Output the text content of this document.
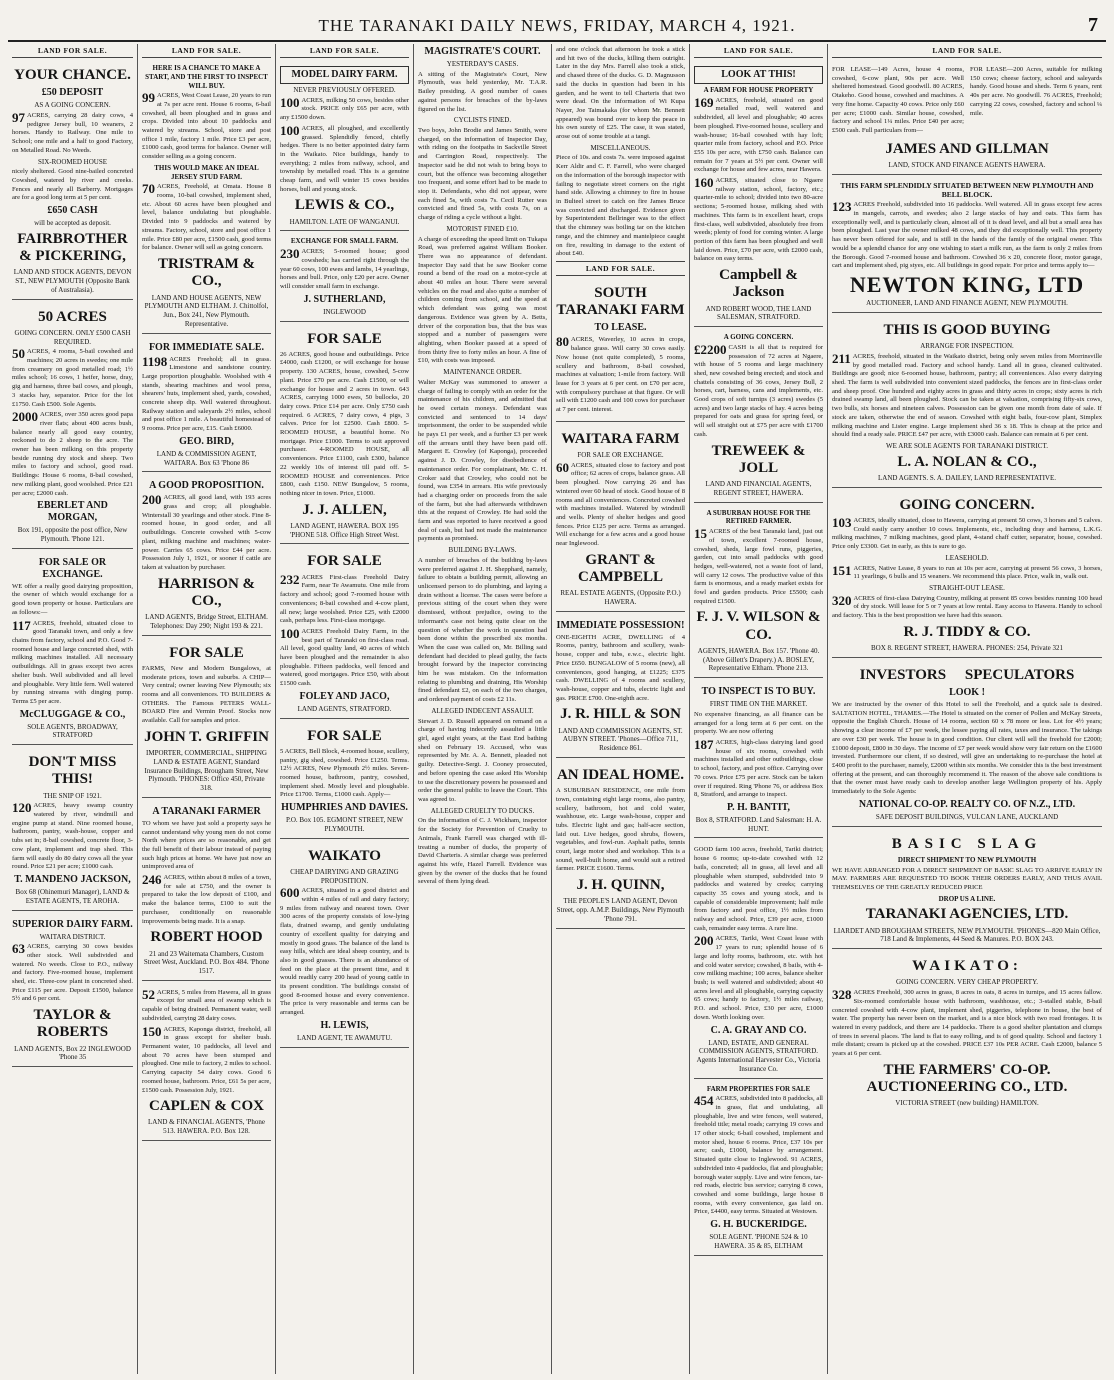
THE TARANAKI DAILY NEWS, FRIDAY, MARCH 4, 1921.	7
LAND FOR SALE.
YOUR CHANCE.
£50 DEPOSIT
AS A GOING CONCERN.
97 ACRES, carrying 28 dairy cows, 4 pedigree Jersey bull, 10 weaners, 2 horses. Handy to Railway. One mile to School; one mile and a half to good Factory, on Metalled Road. No Weeds.
SIX-ROOMED HOUSE
nicely sheltered. Good nine-bailed concreted Cowshed, watered by river and creeks. Fences and nearly all Barberry. Mortgages are for a good long term at 5 per cent.
£650 CASH
will be accepted as deposit.
FAIRBROTHER & PICKERING,
LAND AND STOCK AGENTS, DEVON ST., NEW PLYMOUTH (Opposite Bank of Australasia).
50 ACRES
GOING CONCERN. ONLY £500 CASH REQUIRED.
50 ACRES, 4 rooms, 5-bail cowshed and machines; 20 acres in swedes; one mile from creamery on good metalled road; 1½ miles school; 16 cows, 1 heifer, horse, dray, gig and harness, three bail cows, and plough, 3 stacks hay, separator. Price for the lot £1750. Cash £500. Sole Agents.
2000 ACRES, over 350 acres good papa river flats; about 400 acres bush, balance nearly all good easy country, reckoned to do 2 sheep to the acre. The owner has been milking on this property beside running dry stock and sheep. Two miles to factory and school, good road. Buildings: House 6 rooms, 8-bail cowshed, new milking plant, good woolshed. Price £21 per acre; £2000 cash.
EBERLET AND MORGAN,
Box 191, opposite the post office, New Plymouth. 'Phone 121.
FOR SALE OR EXCHANGE.
WE offer a really good dairying proposition, the owner of which would exchange for a good town property or house. Particulars are as follows:—
117 ACRES, freehold, situated close to good Taranaki town, and only a few chains from factory, school and P.O. Good 7-roomed house and large concreted shed, with milking machines installed. All necessary outbuildings. All in grass except two acres shelter bush. Well subdivided and all level and ploughable. Very little fern. Well watered by running streams with dinging pump. Terms £5 per acre.
McCLUGGAGE & CO.,
SOLE AGENTS, BROADWAY, STRATFORD
DON'T MISS THIS!
THE SNIP OF 1921.
120 ACRES, heavy swamp country watered by river, windmill and engine pump at stand. Nine roomed house, bathroom, pantry, wash-house, copper and tubs set in; 8-bail cowshed, concrete floor, 3-cow plant, implement and trap shed. This farm will easily do 80 dairy cows all the year round. Price £21 per acre; £1000 cash.
T. MANDENO JACKSON,
Box 68 (Ohinemuri Manager), LAND & ESTATE AGENTS, TE AROHA.
SUPERIOR DAIRY FARM.
WAITARA DISTRICT.
63 ACRES, carrying 30 cows besides other stock. Well subdivided and watered. No weeds. Close to P.O., railway and factory. Five-roomed house, implement shed, etc. Three-cow plant in concreted shed. Price £115 per acre. Deposit £1500, balance 5½ and 6 per cent.
TAYLOR & ROBERTS
LAND AGENTS, Box 22 INGLEWOOD 'Phone 35
LAND FOR SALE.
HERE IS A CHANCE TO MAKE A START, AND THE FIRST TO INSPECT WILL BUY.
99 ACRES, West Coast Lease, 20 years to run at 7s per acre rent. House 6 rooms, 6-bail cowshed, all been ploughed and in grass and crops. Divided into about 10 paddocks and watered by streams. School, store and post office 1 mile, factory 1 mile. Price £3 per acre, £1000 cash, good terms for balance. Owner will consider selling as a going concern.
THIS WOULD MAKE AN IDEAL JERSEY STUD FARM.
70 ACRES, Freehold, at Omata. House 8 rooms, 10-bail cowshed, implement shed, etc. About 60 acres have been ploughed and level, balance undulating but ploughable. Divided into 9 paddocks and watered by streams. Factory, school, store and post office 1 mile. Price £80 per acre, £1500 cash, good terms for balance. Owner will sell as going concern.
TRISTRAM & CO.,
LAND AND HOUSE AGENTS, NEW PLYMOUTH AND ELTHAM. J. Chittolfol, Jun., Box 241, New Plymouth. Representative.
FOR IMMEDIATE SALE.
1198 ACRES Freehold; all in grass. Limestone and sandstone country. Large proportion ploughable. Woolshed with 4 stands, shearing machines and wool press, shearers' huts, implement shed, yards, cowshed, concrete sheep dip. Well watered throughout. Railway station and saleyards 2½ miles, school and post office 1 mile. A beautiful homestead of 9 rooms. Price per acre, £15. Cash £6000.
GEO. BIRD,
LAND & COMMISSION AGENT, WAITARA. Box 63 'Phone 86
A GOOD PROPOSITION.
200 ACRES, all good land, with 193 acres grass and crop; all ploughable. Winterstall 30 yearlings and other stock. Fine 8-roomed house, in good order, and all outbuildings. Concrete cowshed with 5-cow plant, milking machine and machines; water-power. Carries 65 cows. Price £44 per acre. Possession July 1, 1921, or sooner if cattle are taken at valuation by purchaser.
HARRISON & CO.,
LAND AGENTS, Bridge Street, ELTHAM. Telephones: Day 290; Night 193 & 221.
FOR SALE
FARMS, New and Modern Bungalows, at moderate prices, town and suburbs. A CHIP—Very central; owner leaving New Plymouth; six rooms and all conveniences. TO BUILDERS & OTHERS. The Famous PETERS WALL-BOARD Fire and Vermin Proof. Stocks now available. Call for samples and price.
JOHN T. GRIFFIN
IMPORTER, COMMERCIAL, SHIPPING LAND & ESTATE AGENT, Standard Insurance Buildings, Brougham Street, New Plymouth. 'PHONES: Office 450, Private 318.
A TARANAKI FARMER
TO whom we have just sold a property says he cannot understand why young men do not come North where prices are so reasonable, and get the full benefit of their labour instead of paying such high prices at home. We have just now an unimproved area of
246 ACRES, within about 8 miles of a town, for sale at £750, and the owner is prepared to take the low deposit of £100, and make the balance terms, £100 to suit the purchaser, conditionally on reasonable improvements being made. It is a snap.
ROBERT HOOD
21 and 23 Waitemata Chambers, Custom Street West, Auckland. P.O. Box 484. 'Phone 1517.
52 ACRES, 5 miles from Hawera, all in grass except for small area of swamp which is capable of being drained. Permanent water, well subdivided, carrying 28 dairy cows.
150 ACRES, Kaponga district, freehold, all in grass except for shelter bush. Permanent water, 10 paddocks, all level and about 70 acres have been stumped and ploughed. One mile to factory, 2 miles to school. Carrying capacity 54 dairy cows. Good 6 roomed house, bathroom. Price, £61 5s per acre, £1500 cash. Possession July, 1921.
CAPLEN & COX
LAND & FINANCIAL AGENTS, 'Phone 513. HAWERA. P.O. Box 128.
LAND FOR SALE.
MODEL DAIRY FARM.
NEVER PREVIOUSLY OFFERED.
100 ACRES, milking 50 cows, besides other stock. PRICE only £65 per acre, with any £1500 down.
100 ACRES, all ploughed, and excellently grassed. Splendidly fenced, chiefly hedges. There is no better appointed dairy farm in the Waikato. Nice buildings, handy to everything; 2 miles from railway, school, and township by metalled road. This is a genuine cheap farm, and will winter 15 cows besides horses, bull and young stock.
LEWIS & CO.,
HAMILTON. LATE OF WANGANUI.
EXCHANGE FOR SMALL FARM.
230 ACRES; 5-roomed house; good cowsheds; has carried right through the year 60 cows, 100 ewes and lambs, 14 yearlings, horses and bull. Price, only £20 per acre. Owner will consider small farm in exchange.
J. SUTHERLAND,
INGLEWOOD
FOR SALE
26 ACRES, good house and outbuildings. Price £4000, cash £1200, or will exchange for house property. 130 ACRES, house, cowshed, 5-cow plant. Price £70 per acre. Cash £1500, or will exchange for house and 2 acres in town. 643 ACRES, carrying 1000 ewes, 50 bullocks, 20 dairy cows. Price £14 per acre. Only £750 cash required. 6 ACRES, 7 dairy cows, 4 pigs, 3 calves. Price for lot £2500. Cash £800. 5-ROOMED HOUSE, a beautiful home. No mortgage. Price £1000. Terms to suit approved purchaser. 4-ROOMED HOUSE, all conveniences. Price £1100, cash £300, balance 22 weekly 10s of interest till paid off. 5-ROOMED HOUSE and conveniences. Price £800, cash £150. NEW Bungalow, 5 rooms, nothing nicer in town. Price, £1000.
J. J. ALLEN,
LAND AGENT, HAWERA. BOX 195 'PHONE 518. Office High Street West.
FOR SALE
232 ACRES First-class Freehold Dairy Farm, near Te Awamutu. One mile from factory and school; good 7-roomed house with conveniences; 8-bail cowshed and 4-cow plant, all new; large woolshed. Price £25, with £2000 cash, perhaps less. First-class mortgage.
100 ACRES Freehold Dairy Farm, in the best part of Taranaki on first-class road. All level, good quality land, 40 acres of which have been ploughed and the remainder is also ploughable. Fifteen paddocks, well fenced and watered, good mortgages. Price £50, with about £1500 cash.
FOLEY AND JACO,
LAND AGENTS, STRATFORD.
FOR SALE
5 ACRES, Bell Block, 4-roomed house, scullery, pantry, gig shed, cowshed. Price £1250. Terms. 12½ ACRES, New Plymouth 2½ miles. Seven-roomed house, bathroom, pantry, cowshed, implement shed. Mostly level and ploughable. Price £1700. Terms, £1000 cash. Apply—
HUMPHRIES AND DAVIES.
P.O. Box 105. EGMONT STREET, NEW PLYMOUTH.
WAIKATO
CHEAP DAIRYING AND GRAZING PROPOSITION.
600 ACRES, situated in a good district and within 4 miles of rail and dairy factory; 9 miles from railway and nearest town. Over 300 acres of the property consists of low-lying flats, drained swamp, and gently undulating country of excellent quality for dairying and mostly in good grass. The balance of the land is easy hills, which are ideal sheep country, and is also in good grasses. There is an abundance of feed on the place at the present time, and it would readily carry 200 head of young cattle in its present condition. The buildings consist of good 8-roomed house and every convenience. The price is very reasonable and terms can be arranged.
H. LEWIS,
LAND AGENT, TE AWAMUTU.
MAGISTRATE'S COURT.
YESTERDAY'S CASES.
A sitting of the Magistrate's Court, New Plymouth, was held yesterday, Mr. T.A.R. Bailey presiding. A good number of cases against persons for breaches of the by-laws figured on the list.
CYCLISTS FINED.
Two boys, John Brodie and James Smith, were charged, on the information of Inspector Day, with riding on the footpaths in Sackville Street and Carrington Road, respectively. The Inspector said he did not wish to bring boys to court, but the offence was becoming altogether too frequent, and some effort had to be made to stop it. Defendants, who did not appear, were each fined 5s, with costs 7s. Cecil Rutter was convicted and fined 5s, with costs 7s, on a charge of riding a cycle without a light.
MOTORIST FINED £10.
A charge of exceeding the speed limit on Tukapa Road, was preferred against William Booker. There was no appearance of defendant. Inspector Day said that he saw Booker come round a bend of the road on a motor-cycle at about 40 miles an hour. There were several vehicles on the road and also quite a number of children coming from school, and the speed at which defendant was going was most dangerous. Evidence was given by A. Betts, driver of the corporation bus, that the bus was stopped and a number of passengers were alighting, when Booker passed at a speed of from thirty five to forty miles an hour. A fine of £10, with costs was imposed.
MAINTENANCE ORDER.
Walter McKay was summoned to answer a charge of failing to comply with an order for the maintenance of his children, and admitted that he owed certain moneys. Defendant was convicted and sentenced to 14 days' imprisonment, the order to be suspended while he pays £1 per week, and a further £3 per week off the arrears until they have been paid off. Margaret E. Crowley (of Kaponga), proceeded against J. D. Crowley, for disobedience of maintenance order. For complainant, Mr. C. H. Croker said that Crowley, who could not be found, was £354 in arrears. His wife previously had a charging order on proceeds from the sale of the farm, but she had afterwards withdrawn this at the request of Crowley. He had sold the farm and was reported to have received a good deal of cash, but had not made the maintenance payments as promised.
BUILDING BY-LAWS.
A number of breaches of the building by-laws were preferred against J. H. Shepphard, namely, failure to obtain a building permit, allowing an unlicensed person to do plumbing, and laying a drain without a license. The cases were before a previous sitting of the court when they were dismissed, without prejudice, owing to the informant's case not being quite clear on the question of whether the work in question had been done within the prescribed six months. When the case was called on, Mr. Billing said defendant had decided to plead guilty, the facts brought forward by the inspector convincing him he was mistaken. On the information relating to plumbing and draining, His Worship fined defendant £2, on each of the two charges, and ordered payment of costs £2 11s.
ALLEGED INDECENT ASSAULT.
Stewart J. D. Russell appeared on remand on a charge of having indecently assaulted a little girl, aged eight years, at the East End bathing shed on February 19. Accused, who was represented by Mr. A. A. Bennett, pleaded not guilty. Detective-Sergt. J. Cooney prosecuted, and before opening the case asked His Worship to use the discretionary powers he possessed and order the general public to leave the Court. This was agreed to.
ALLEGED CRUELTY TO DUCKS.
On the information of C. J. Wickham, inspector for the Society for Prevention of Cruelty to Animals, Frank Farrell was charged with ill-treating a number of ducks, the property of David Charteris. A similar charge was preferred against his wife, Hazel Farrell. Evidence was given by the owner of the ducks that he found several of them lying dead.
and one o'clock that afternoon he took a stick and hit two of the ducks, killing them outright. Later in the day Mrs. Farrell also took a stick, and chased three of the ducks. G. D. Magnusson said the ducks in question had been in his garden, and he went to tell Charteris that two were dead. On the information of Wi Kupa Nayer, Joe Taimakaka (for whom Mr. Bennett appeared) was bound over to keep the peace in his own surety of £25. The case, it was stated, arose out of some trouble at a tangi.
MISCELLANEOUS.
Piece of 10s. and costs 7s. were imposed against Kerr Aldir and C. F. Farrell, who were charged on the information of the borough inspector with failing to negotiate street corners on the right hand side. Allowing a chimney to fire in house in Bulteel street to catch on fire James Bruce was convicted and discharged. Evidence given by Superintendent Bellringer was to the effect that the chimney was boiling tar on the kitchen range, and the chimney and mantelpiece caught on fire, resulting in damage to the extent of about £40.
LAND FOR SALE.
SOUTH TARANAKI FARM
TO LEASE.
80 ACRES, Waverley, 10 acres in crops, balance grass. Will carry 30 cows easily. Now house (not quite completed), 5 rooms, scullery and bathroom, 8-bail cowshed, machines at valuation; 1-mile from factory. Will lease for 3 years at 6 per cent. on £70 per acre, with compulsory purchase at that figure. Or will sell with £1200 cash and 100 cows for purchaser at 7 per cent. interest.
WAITARA FARM
FOR SALE OR EXCHANGE.
60 ACRES, situated close to factory and post office; 62 acres of crops, balance grass. All been ploughed. Now carrying 26 and has wintered over 60 head of stock. Good house of 8 rooms and all conveniences. Concreted cowshed with machines installed. Watered by windmill and wells. Plenty of shelter hedges and good fences. Price £125 per acre. Terms as arranged. Will exchange for a few acres and a good house near Inglewood.
GRANT & CAMPBELL
REAL ESTATE AGENTS, (Opposite P.O.) HAWERA.
IMMEDIATE POSSESSION!
ONE-EIGHTH ACRE, DWELLING of 4 Rooms, pantry, bathroom and scullery, wash-house, copper and tubs, e.w.c., electric light. Price £650. BUNGALOW of 5 rooms (new), all conveniences, good hanging, at £1225; £375 cash. DWELLING of 4 rooms and scullery, wash-house, copper and tubs, electric light and gas. PRICE £700. One-eighth acre.
J. R. HILL & SON
LAND AND COMMISSION AGENTS, ST. AUBYN STREET. 'Phones—Office 711, Residence 861.
AN IDEAL HOME.
A SUBURBAN RESIDENCE, one mile from town, containing eight large rooms, also pantry, scullery, bathroom, hot and cold water, washhouse, etc. Large wash-house, copper and tubs. Electric light and gas; half-acre section, laid out. Live hedges, good shrubs, flowers, vegetables, and fowl-run. Asphalt paths, tennis court, large motor shed and workshop. This is a sound, well-built home, and would suit a retired farmer. PRICE £1600. Terms.
J. H. QUINN,
THE PEOPLE'S LAND AGENT, Devon Street, opp. A.M.P. Buildings, New Plymouth 'Phone 791.
LAND FOR SALE.
LOOK AT THIS!
A FARM FOR HOUSE PROPERTY
169 ACRES, freehold, situated on good metalled road, well watered and subdivided, all level and ploughable; 40 acres been ploughed. Five-roomed house, scullery and wash-house; 16-bail cowshed with hay loft; quarter mile from factory, school and P.O. Price £55 10s per acre, with £750 cash. Balance can remain for 7 years at 5½ per cent. Owner will exchange for house and few acres, near Hawera.
160 ACRES, situated close to Ngaere railway station, school, factory, etc.; quarter-mile to school; divided into two 80-acre sections; 5-roomed house, milking shed with machines. This farm is in excellent heart, crops first-class, well subdivided, absolutely free from weeds; plenty of food for coming winter. A large portion of this farm has been ploughed and well laid down. Price, £70 per acre, with £2000 cash, balance on easy terms.
Campbell & Jackson
AND ROBERT WOOD, THE LAND SALESMAN, STRATFORD.
A GOING CONCERN.
£2200 CASH is all that is required for possession of 72 acres at Ngaere, with house of 5 rooms and large machinery shed, new cowshed being erected; and stock and chattels consisting of 36 cows, Jersey Bull, 2 horses, cart, harness, cans and implements, etc. Good crops of soft turnips (3 acres) swedes (5 acres) and two large stacks of hay. 4 acres being prepared for oats and grass for spring feed, or will sell straight out at £75 per acre with £1700 cash.
TREWEEK & JOLL
LAND AND FINANCIAL AGENTS, REGENT STREET, HAWERA.
A SUBURBAN HOUSE FOR THE RETIRED FARMER.
15 ACRES of the best Taranaki land, just out of town, excellent 7-roomed house, cowshed, sheds, large fowl runs, piggeries, garden, cut into small paddocks with good hedges, well-watered, not a waste foot of land, will carry 12 cows. The productive value of this farm is enormous, and a ready market exists for fowl and garden products. Price £5500; cash required £1500.
F. J. V. WILSON & CO.
AGENTS, HAWERA. Box 157. 'Phone 40. (Above Gillett's Drapery.) A. BOSLEY, Representative Eltham. 'Phone 213.
TO INSPECT IS TO BUY.
FIRST TIME ON THE MARKET.
No expensive financing, as all finance can be arranged for a long term at 6 per cent. on the property. We are now offering
187 ACRES, high-class dairying land good house of six rooms, cowshed with machines installed and other outbuildings, close to school, factory, and post office. Carrying over 70 cows. Price £75 per acre. Stock can be taken over if required. Ring 'Phone 76, or address Box 8, Stratford, and arrange to inspect.
P. H. BANTIT,
Box 8, STRATFORD. Land Salesman: H. A. HUNT.
GOOD farm 100 acres, freehold, Tariki district; house 6 rooms; up-to-date cowshed with 12 bails, concreted; all in grass, all level and all ploughable when stumped, subdivided into 9 paddocks and watered by creeks; carrying capacity 35 cows and young stock, and is capable of considerable improvement; half mile from factory and post office, 1½ miles from railway and school. Price, £39 per acre, £1000 cash, remainder easy terms. A rare line.
200 ACRES, Tariki, West Coast lease with 17 years to run; splendid house of 6 large and lofty rooms, bathroom, etc. with hot and cold water service; cowshed, 8 bails, with 4-cow milking machine; 100 acres, balance shelter bush; is well watered and subdivided; about 40 acres level and all ploughable, carrying capacity 65 cows; handy to factory, 1½ miles railway, P.O. and school. Price, £30 per acre, £1000 down. Worth looking over.
C. A. GRAY AND CO.
LAND, ESTATE, AND GENERAL COMMISSION AGENTS, STRATFORD. Agents International Harvester Co., Victoria Insurance Co.
FARM PROPERTIES FOR SALE
454 ACRES, subdivided into 8 paddocks, all in grass, flat and undulating, all ploughable, live and wire fences, well watered, freehold title; metal roads; carrying 19 cows and 17 other stock; 6-bail cowshed, implement and motor shed, house 6 rooms. Price, £37 10s per acre; cash, £1000, balance by arrangement. Situated quite close to Inglewood. 91 ACRES, subdivided into 4 paddocks, flat and ploughable; borough water supply. Live and wire fences, tar-red roads, electric bus service; carrying 8 cows, cowshed and some buildings, large house 8 rooms, with every convenience, gas laid on. Price, £4400, easy terms. Situated at Westown.
G. H. BUCKERIDGE.
SOLE AGENT. 'PHONE 524 & 10 HAWERA. 35 & 85, ELTHAM
LAND FOR SALE.
FOR LEASE—149 Acres, house 4 rooms, cowshed, 6-cow plant, 90s per acre. Well sheltered homestead. Good goodwill. 80 ACRES, Otakeho. Good house, cowshed and machines. A very fine home. Capacity 40 cows. Price only £60 per acre; £1000 cash. Similar house, cowshed, factory and school 1¼ miles. Price £40 per acre; £500 cash. Full particulars from—
FOR LEASE—200 Acres, suitable for milking 150 cows; cheese factory, school and saleyards handy. Good house and sheds. Term 6 years, rent 40s per acre. No goodwill. 76 ACRES, Freehold; carrying 22 cows, cowshed, factory and school ¼ mile.
JAMES AND GILLMAN
LAND, STOCK AND FINANCE AGENTS HAWERA.
THIS FARM SPLENDIDLY SITUATED BETWEEN NEW PLYMOUTH AND BELL BLOCK.
123 ACRES Freehold, subdivided into 16 paddocks. Well watered. All in grass except few acres in mangels, carrots, and swedes; also 2 large stacks of hay and oats. This farm has exceptionally well, and is particularly clean, almost all of it is dead level, and all but a small area has been ploughed. Last year the owner milked 48 cows, and they did exceptionally well. This property has never been offered for sale, and is still in the hands of the family of the original owner. This would be a splendid chance for any one wishing to start a milk run, as the farm is only 2 miles from the Borough. Good 7-roomed house and bathroom. Cowshed 36 x 20, concrete floor, motor garage, cart and implement shed, pig styes, etc. All buildings in good repair. For price and terms apply to—
NEWTON KING, LTD
AUCTIONEER, LAND AND FINANCE AGENT, NEW PLYMOUTH.
THIS IS GOOD BUYING
ARRANGE FOR INSPECTION.
211 ACRES, freehold, situated in the Waikato district, being only seven miles from Morrinsville by good metalled road. Factory and school handy. Land all in grass, cleaned cultivated. Buildings are good; nice 6-roomed house, bathroom, pantry; all conveniences. Also every dairying shed. The farm is well subdivided into convenient sized paddocks, the fences are in first-class order and sheep proof. One hundred and eighty acres in grass and thirty acres in crops; sixty acres is rich drained swamp land, all been ploughed. Stock can be taken at valuation, comprising fifty-six cows, two bulls, six horses and nineteen calves. Possession can be given one month from date of sale. If stock are taken, otherwise the end of season. Cowshed with eight bails, four-cow plant, Simplex milking machine and Lister engine. Large implement shed 36 x 18. This is cheap at the price and should find a ready sale. PRICE £47 per acre, with £3000 cash. Balance can remain at 6 per cent.
WE ARE SOLE AGENTS FOR TARANAKI DISTRICT.
L. A. NOLAN & CO.,
LAND AGENTS. S. A. DAILEY, LAND REPRESENTATIVE.
GOING CONCERN.
103 ACRES, ideally situated, close to Hawera, carrying at present 50 cows, 3 horses and 5 calves. Could easily carry another 10 cows. Implements, etc., including dray and harness, L.K.G. milking machines, 7 milking machines, good plant, 4-stand chaff cutter, separator, house, cowshed. Price only £3300. Get in early, as this is sure to go.
LEASEHOLD.
151 ACRES, Native Lease, 8 years to run at 10s per acre, carrying at present 56 cows, 3 horses, 11 yearlings, 6 bulls and 15 weaners. We recommend this place. Price, walk in, walk out.
STRAIGHT-OUT LEASE.
320 ACRES of first-class Dairying Country, milking at present 85 cows besides running 100 head of dry stock. Will lease for 5 or 7 years at low rental. Easy access to Hawera. Handy to school and factory. This is the best proposition we have had this season.
R. J. TIDDY & CO.
BOX 8. REGENT STREET, HAWERA. PHONES: 254, Private 321
INVESTORS     SPECULATORS
LOOK !
We are instructed by the owner of this Hotel to sell the Freehold, and a quick sale is desired. SALTATION HOTEL, THAMES.—The Hotel is situated on the corner of Pollen and McKay Streets, opposite the English Church. House of 14 rooms, section 60 x 78 more or less. Lot for 4½ years; showing a clear income of £7 per week, the lessee paying all rates, taxes and insurance. The takings are over £30 per week. The house is in good condition. Our client will sell the freehold for £2000; £1000 deposit, £800 in 30 days. The income of £7 per week would show very fair return on the £1600 invested. Furthermore our client, if so desired, will give an undertaking to re-purchase the hotel at £400 profit to the purchaser, namely, £2000 within six months. We consider this is the best investment offering at the present, and can thoroughly recommend it. The reason of the above sale conditions is that the owner must have ready cash to develop another large Wellington property of his. Apply immediately to the Sole Agents:
NATIONAL CO-OP. REALTY CO. OF N.Z., LTD.
SAFE DEPOSIT BUILDINGS, VULCAN LANE, AUCKLAND
BASIC SLAG
DIRECT SHIPMENT TO NEW PLYMOUTH
WE HAVE ARRANGED FOR A DIRECT SHIPMENT OF BASIC SLAG TO ARRIVE EARLY IN MAY. FARMERS ARE REQUESTED TO BOOK THEIR ORDERS EARLY, AND THUS AVAIL THEMSELVES OF THE GREATLY REDUCED PRICE
DROP US A LINE.
TARANAKI AGENCIES, LTD.
LIARDET AND BROUGHAM STREETS, NEW PLYMOUTH. 'PHONES—820 Main Office, 718 Land & Implements, 44 Seed & Manures. P.O. BOX 243.
WAIKATO:
GOING CONCERN. VERY CHEAP PROPERTY.
328 ACRES Freehold, 300 acres in grass, 8 acres in oats, 8 acres in turnips, and 15 acres fallow. Six-roomed comfortable house with bathroom, washhouse, etc.; 3-stalled stable, 8-bail concreted cowshed with 4-cow plant, implement shed, piggeries, telephone in house, the best of water. The property has never been on the market, and is a nice block with two road frontages. It is watered in every paddock, and there are 14 paddocks. There is a good shelter plantation and clumps of trees in several places. The land is flat to easy rolling, and is of good quality. School and factory 1 mile distant; cream is picked up at the cowshed. PRICE £37 10s PER ACRE. Cash £2000, balance 5 years at 6 per cent.
THE FARMERS' CO-OP. AUCTIONEERING CO., LTD.
VICTORIA STREET (new building) HAMILTON.
